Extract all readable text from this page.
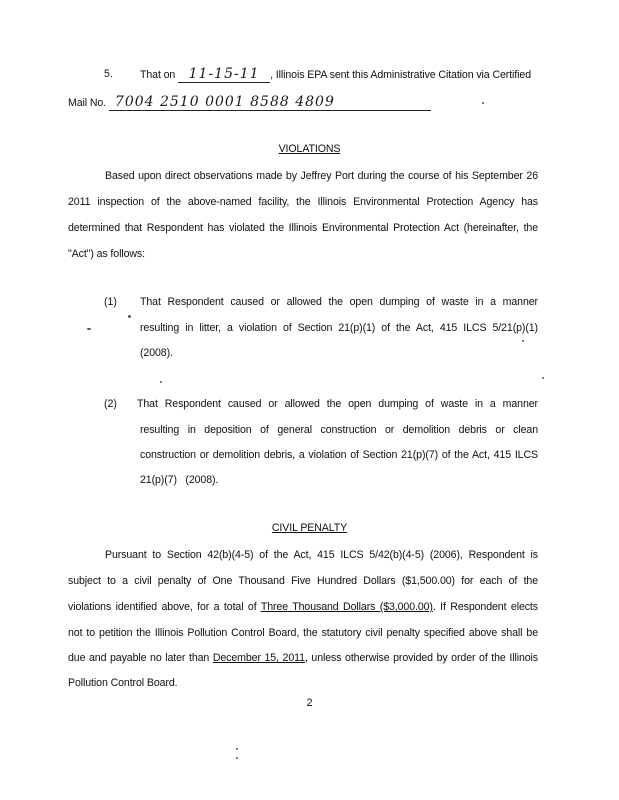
5.	That on 11-15-11 , Illinois EPA sent this Administrative Citation via Certified
Mail No. 7004 2510 0001 8588 4809
VIOLATIONS
Based upon direct observations made by Jeffrey Port during the course of his September 26
2011 inspection of the above-named facility, the Illinois Environmental Protection Agency has
determined that Respondent has violated the Illinois Environmental Protection Act (hereinafter, the
"Act") as follows:
(1) That Respondent caused or allowed the open dumping of waste in a manner
resulting in litter, a violation of Section 21(p)(1) of the Act, 415 ILCS 5/21(p)(1)
(2008).
(2) That Respondent caused or allowed the open dumping of waste in a manner
resulting in deposition of general construction or demolition debris or clean
construction or demolition debris, a violation of Section 21(p)(7) of the Act, 415 ILCS
21(p)(7)   (2008).
CIVIL PENALTY
Pursuant to Section 42(b)(4-5) of the Act, 415 ILCS 5/42(b)(4-5) (2006), Respondent is
subject to a civil penalty of One Thousand Five Hundred Dollars ($1,500.00) for each of the
violations identified above, for a total of Three Thousand Dollars ($3,000.00). If Respondent elects
not to petition the Illinois Pollution Control Board, the statutory civil penalty specified above shall be
due and payable no later than December 15, 2011, unless otherwise provided by order of the Illinois
Pollution Control Board.
2
